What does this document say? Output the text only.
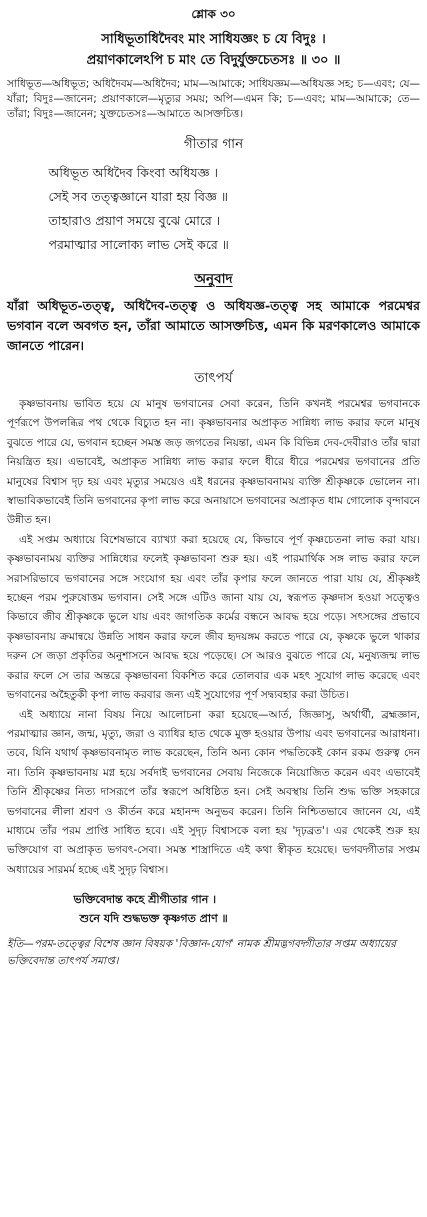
শ্লোক ৩০
সাধিভূতাধিদৈবং মাং সাধিযজ্ঞং চ যে বিদুঃ ।
প্রয়াণকালেঽপি চ মাং তে বিদুর্যুক্তচেতসঃ ॥ ৩০ ॥

সাধিভূত—অধিভূত; অধিদৈবম—অধিদৈব; মাম—আমাকে; সাধিযজ্ঞম—অধিযজ্ঞ সহ; চ—এবং; যে—যাঁরা; বিদুঃ—জানেন; প্রয়াণকালে—মৃত্যুর সময়; অপি—এমন কি; চ—এবং; মাম—আমাকে; তে—তাঁরা; বিদুঃ—জানেন; যুক্তচেতসঃ—আমাতে আসক্তচিত্ত।

গীতার গান
অধিভূত অধিদৈব কিংবা অধিযজ্ঞ ।
সেই সব তত্ত্বজ্ঞানে যারা হয় বিজ্ঞ ॥
তাহারাও প্রয়াণ সময়ে বুঝে মোরে ।
পরমাত্মার সালোক্য লাভ সেই করে ॥
অনুবাদ

যাঁরা অধিভূত-তত্ত্ব, অধিদৈব-তত্ত্ব ও অধিযজ্ঞ-তত্ত্ব সহ আমাকে পরমেশ্বর ভগবান বলে অবগত হন, তাঁরা আমাতে আসক্তচিত্ত, এমন কি মরণকালেও আমাকে জানতে পারেন।

তাৎপর্য

কৃষ্ণভাবনায় ভাবিত হয়ে যে মানুষ ভগবানের সেবা করেন, তিনি কখনই পরমেশ্বর ভগবানকে পূর্ণরূপে উপলব্ধির পথ থেকে বিচ্যুত হন না। কৃষ্ণভাবনার অপ্রাকৃত সান্নিধ্য লাভ করার ফলে মানুষ বুঝতে পারে যে, ভগবান হচ্ছেন সমস্ত জড় জগতের নিয়ন্তা, এমন কি বিভিন্ন দেব-দেবীরাও তাঁর দ্বারা নিয়ন্ত্রিত হয়। এভাবেই, অপ্রাকৃত সান্নিধ্য লাভ করার ফলে ধীরে ধীরে পরমেশ্বর ভগবানের প্রতি মানুষের বিশ্বাস দৃঢ় হয় এবং মৃত্যুর সময়েও এই ধরনের কৃষ্ণভাবনাময় ব্যক্তি শ্রীকৃষ্ণকে ভোলেন না। স্বাভাবিকভাবেই তিনি ভগবানের কৃপা লাভ করে অনায়াসে ভগবানের অপ্রাকৃত ধাম গোলোক বৃন্দাবনে উন্নীত হন।

এই সপ্তম অধ্যায়ে বিশেষভাবে ব্যাখ্যা করা হয়েছে যে, কিভাবে পূর্ণ কৃষ্ণচেতনা লাভ করা যায়। কৃষ্ণভাবনাময় ব্যক্তির সান্নিধ্যের ফলেই কৃষ্ণভাবনা শুরু হয়। এই পারমার্থিক সঙ্গ লাভ করার ফলে সরাসরিভাবে ভগবানের সঙ্গে সংযোগ হয় এবং তাঁর কৃপার ফলে জানতে পারা যায় যে, শ্রীকৃষ্ণই হচ্ছেন পরম পুরুষোত্তম ভগবান। সেই সঙ্গে এটিও জানা যায় যে, স্বরূপত কৃষ্ণদাস হওয়া সত্ত্বেও কিভাবে জীব শ্রীকৃষ্ণকে ভুলে যায় এবং জাগতিক কর্মের বন্ধনে আবদ্ধ হয়ে পড়ে। সৎসঙ্গের প্রভাবে কৃষ্ণভাবনায় ক্রমান্বয়ে উন্নতি সাধন করার ফলে জীব হৃদয়ঙ্গম করতে পারে যে, কৃষ্ণকে ভুলে থাকার দরুন সে জড়া প্রকৃতির অনুশাসনে আবদ্ধ হয়ে পড়েছে। সে আরও বুঝতে পারে যে, মনুষ্যজন্ম লাভ করার ফলে সে তার অন্তরে কৃষ্ণভাবনা বিকশিত করে তোলবার এক মহৎ সুযোগ লাভ করেছে এবং ভগবানের অহৈতুকী কৃপা লাভ করবার জন্য এই সুযোগের পূর্ণ সদ্ব্যবহার করা উচিত।

এই অধ্যায়ে নানা বিষয় নিয়ে আলোচনা করা হয়েছে—আর্ত, জিজ্ঞাসু, অর্থার্থী, ব্রহ্মজ্ঞান, পরমাত্মার জ্ঞান, জন্ম, মৃত্যু, জরা ও ব্যাধির হাত থেকে মুক্ত হওয়ার উপায় এবং ভগবানের আরাধনা। তবে, যিনি যথার্থ কৃষ্ণভাবনামৃত লাভ করেছেন, তিনি অন্য কোন পদ্ধতিকেই কোন রকম গুরুত্ব দেন না। তিনি কৃষ্ণভাবনায় মগ্ন হয়ে সর্বদাই ভগবানের সেবায় নিজেকে নিয়োজিত করেন এবং এভাবেই তিনি শ্রীকৃষ্ণের নিত্য দাসরূপে তাঁর স্বরূপে অধিষ্ঠিত হন। সেই অবস্থায় তিনি শুদ্ধ ভক্তি সহকারে ভগবানের লীলা শ্রবণ ও কীর্তন করে মহানন্দ অনুভব করেন। তিনি নিশ্চিতভাবে জানেন যে, এই মাধ্যমে তাঁর পরম প্রাপ্তি সাধিত হবে। এই সুদৃঢ় বিশ্বাসকে বলা হয় 'দৃঢ়ব্রত'। এর থেকেই শুরু হয় ভক্তিযোগ বা অপ্রাকৃত ভগবৎ-সেবা। সমস্ত শাস্ত্রাদিতে এই কথা স্বীকৃত হয়েছে। ভগবদ্গীতার সপ্তম অধ্যায়ের সারমর্ম হচ্ছে এই সুদৃঢ় বিশ্বাস।

ভক্তিবেদান্ত কহে শ্রীগীতার গান ।
শুনে যদি শুদ্ধভক্ত কৃষ্ণগত প্রাণ ॥

ইতি—পরম-তত্ত্বের বিশেষ জ্ঞান বিষয়ক 'বিজ্ঞান-যোগ' নামক শ্রীমদ্ভগবদ্গীতার সপ্তম অধ্যায়ের ভক্তিবেদান্ত তাৎপর্য সমাপ্ত।
